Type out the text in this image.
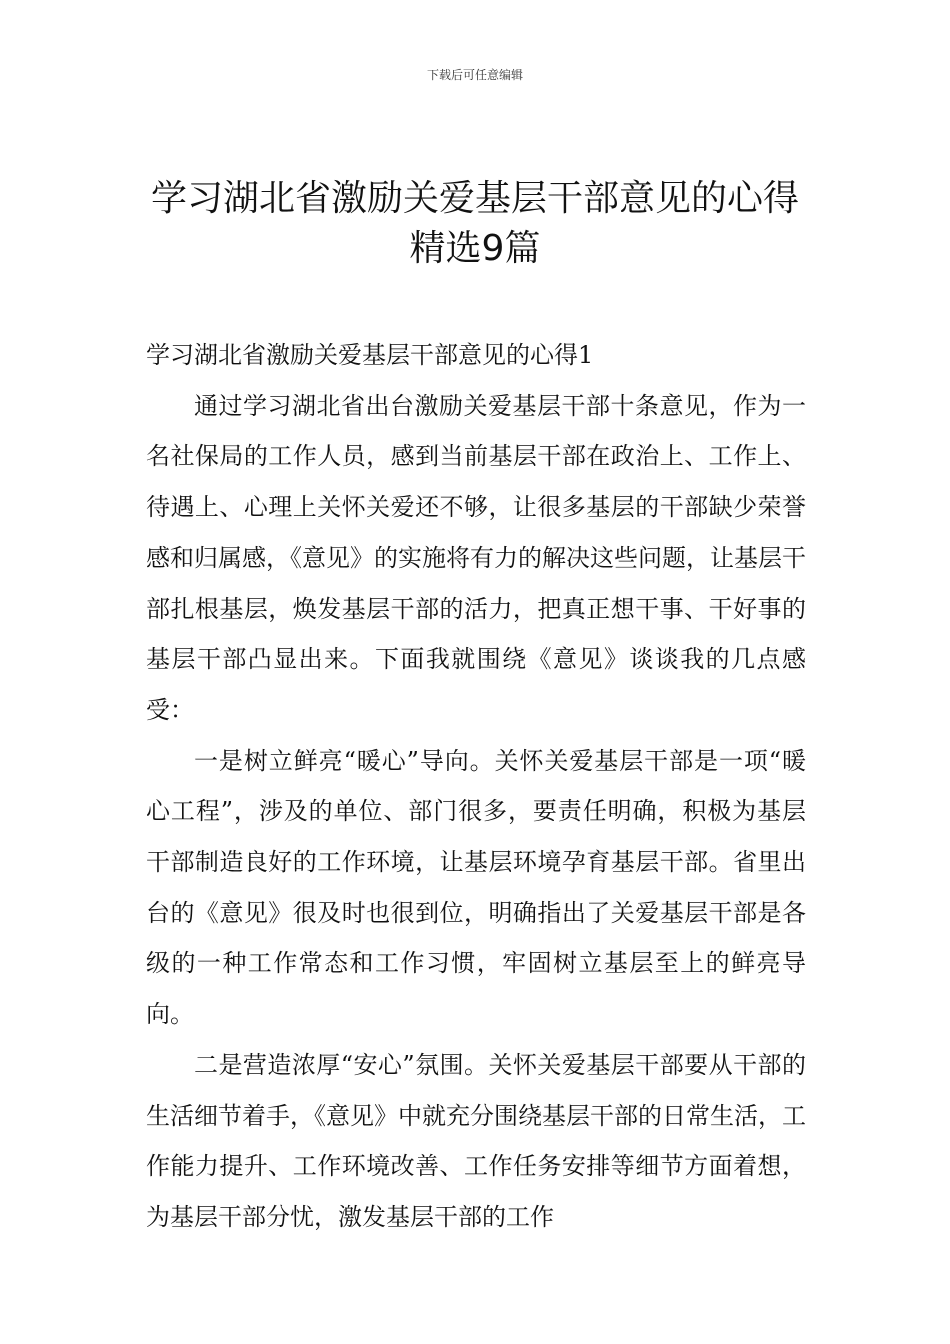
下载后可任意编辑
学习湖北省激励关爱基层干部意见的心得
精选9篇

学习湖北省激励关爱基层干部意见的心得1

通过学习湖北省出台激励关爱基层干部十条意见，作为一名社保局的工作人员，感到当前基层干部在政治上、工作上、待遇上、心理上关怀关爱还不够，让很多基层的干部缺少荣誉感和归属感，《意见》的实施将有力的解决这些问题，让基层干部扎根基层，焕发基层干部的活力，把真正想干事、干好事的基层干部凸显出来。下面我就围绕《意见》谈谈我的几点感受：

一是树立鲜亮“暖心”导向。关怀关爱基层干部是一项“暖心工程”，涉及的单位、部门很多，要责任明确，积极为基层干部制造良好的工作环境，让基层环境孕育基层干部。省里出台的《意见》很及时也很到位，明确指出了关爱基层干部是各级的一种工作常态和工作习惯，牢固树立基层至上的鲜亮导向。

二是营造浓厚“安心”氛围。关怀关爱基层干部要从干部的生活细节着手，《意见》中就充分围绕基层干部的日常生活，工作能力提升、工作环境改善、工作任务安排等细节方面着想，为基层干部分忧，激发基层干部的工作
